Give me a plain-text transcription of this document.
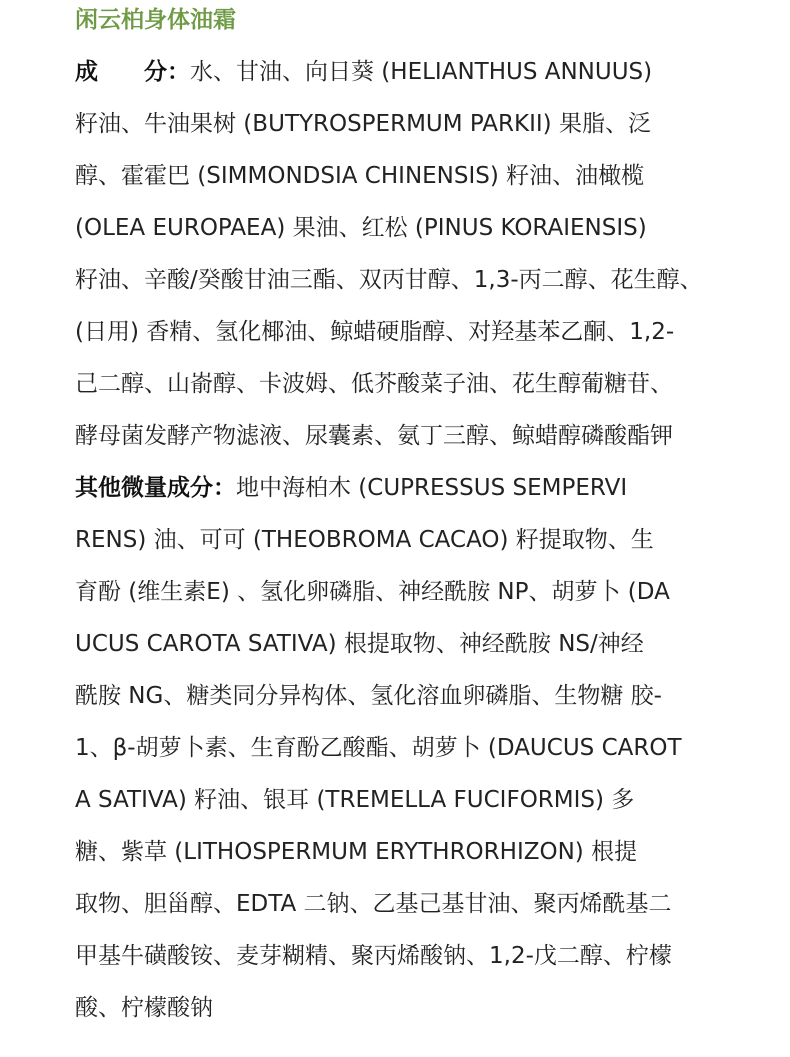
闲云柏身体油霜
成　　分：水、甘油、向日葵 (HELIANTHUS ANNUUS)
籽油、牛油果树 (BUTYROSPERMUM PARKII) 果脂、泛
醇、霍霍巴 (SIMMONDSIA CHINENSIS) 籽油、油橄榄
(OLEA EUROPAEA) 果油、红松 (PINUS KORAIENSIS)
籽油、辛酸/癸酸甘油三酯、双丙甘醇、1,3-丙二醇、花生醇、
(日用) 香精、氢化椰油、鲸蜡硬脂醇、对羟基苯乙酮、1,2-
己二醇、山嵛醇、卡波姆、低芥酸菜子油、花生醇葡糖苷、
酵母菌发酵产物滤液、尿囊素、氨丁三醇、鲸蜡醇磷酸酯钾
其他微量成分：地中海柏木 (CUPRESSUS SEMPERVI
RENS) 油、可可 (THEOBROMA CACAO) 籽提取物、生
育酚 (维生素E) 、氢化卵磷脂、神经酰胺 NP、胡萝卜 (DA
UCUS CAROTA SATIVA) 根提取物、神经酰胺 NS/神经
酰胺 NG、糖类同分异构体、氢化溶血卵磷脂、生物糖 胶-
1、β-胡萝卜素、生育酚乙酸酯、胡萝卜 (DAUCUS CAROT
A SATIVA) 籽油、银耳 (TREMELLA FUCIFORMIS) 多
糖、紫草 (LITHOSPERMUM ERYTHRORHIZON) 根提
取物、胆甾醇、EDTA 二钠、乙基己基甘油、聚丙烯酰基二
甲基牛磺酸铵、麦芽糊精、聚丙烯酸钠、1,2-戊二醇、柠檬
酸、柠檬酸钠
